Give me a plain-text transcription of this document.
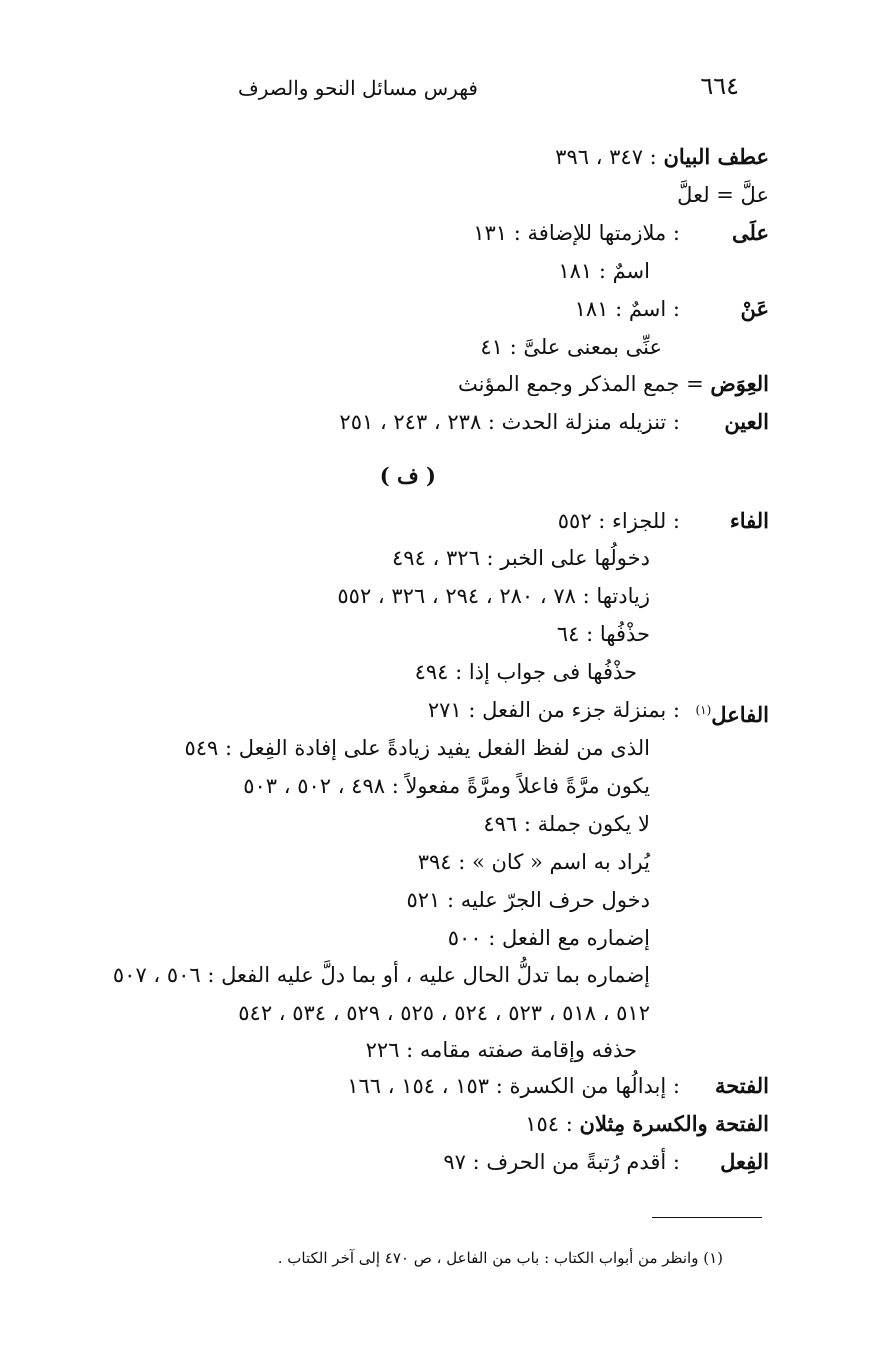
٦٦٤
فهرس مسائل النحو والصرف
عطف البيان : ٣٤٧ ، ٣٩٦
علَّ = لعلَّ
علَى
: ملازمتها للإضافة : ١٣١
اسمٌ : ١٨١
عَنْ
: اسمٌ : ١٨١
عنِّى بمعنى علىَّ : ٤١
العِوَض = جمع المذكر وجمع المؤنث
العين
: تنزيله منزلة الحدث : ٢٣٨ ، ٢٤٣ ، ٢٥١
( ف )
الفاء
: للجزاء : ٥٥٢
دخولُها على الخبر : ٣٢٦ ، ٤٩٤
زيادتها : ٧٨ ، ٢٨٠ ، ٢٩٤ ، ٣٢٦ ، ٥٥٢
حذْفُها : ٦٤
حذْفُها فى جواب إذا : ٤٩٤
الفاعل$^{(١)}$
: بمنزلة جزء من الفعل : ٢٧١
الذى من لفظ الفعل يفيد زيادةً على إفادة الفِعل : ٥٤٩
يكون مرَّةً فاعلاً ومرَّةً مفعولاً : ٤٩٨ ، ٥٠٢ ، ٥٠٣
لا يكون جملة : ٤٩٦
يُراد به اسم « كان » : ٣٩٤
دخول حرف الجرّ عليه : ٥٢١
إضماره مع الفعل : ٥٠٠
إضماره بما تدلُّ الحال عليه ، أو بما دلَّ عليه الفعل : ٥٠٦ ، ٥٠٧
٥١٢ ، ٥١٨ ، ٥٢٣ ، ٥٢٤ ، ٥٢٥ ، ٥٢٩ ، ٥٣٤ ، ٥٤٢
حذفه وإقامة صفته مقامه : ٢٢٦
الفتحة
: إبدالُها من الكسرة : ١٥٣ ، ١٥٤ ، ١٦٦
الفتحة والكسرة مِثلان : ١٥٤
الفِعل
: أقدم رُتبةً من الحرف : ٩٧
(١) وانظر من أبواب الكتاب : باب من الفاعل ، ص ٤٧٠ إلى آخر الكتاب .
